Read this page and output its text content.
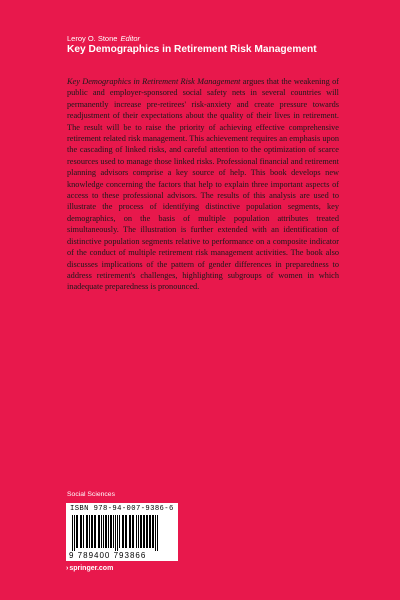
Leroy O. Stone Editor
Key Demographics in Retirement Risk Management
Key Demographics in Retirement Risk Management argues that the weakening of public and employer-sponsored social safety nets in several countries will permanently increase pre-retirees' risk-anxiety and create pressure towards readjustment of their expectations about the quality of their lives in retirement. The result will be to raise the priority of achieving effective comprehensive retirement related risk management. This achievement requires an emphasis upon the cascading of linked risks, and careful attention to the optimization of scarce resources used to manage those linked risks. Professional financial and retirement planning advisors comprise a key source of help. This book develops new knowledge concerning the factors that help to explain three important aspects of access to these professional advisors. The results of this analysis are used to illustrate the process of identifying distinctive population segments, key demographics, on the basis of multiple population attributes treated simultaneously. The illustration is further extended with an identification of distinctive population segments relative to performance on a composite indicator of the conduct of multiple retirement risk management activities. The book also discusses implications of the pattern of gender differences in preparedness to address retirement's challenges, highlighting subgroups of women in which inadequate preparedness is pronounced.
Social Sciences
ISBN 978-94-007-9386-6
9 789400 793866
›springer.com
